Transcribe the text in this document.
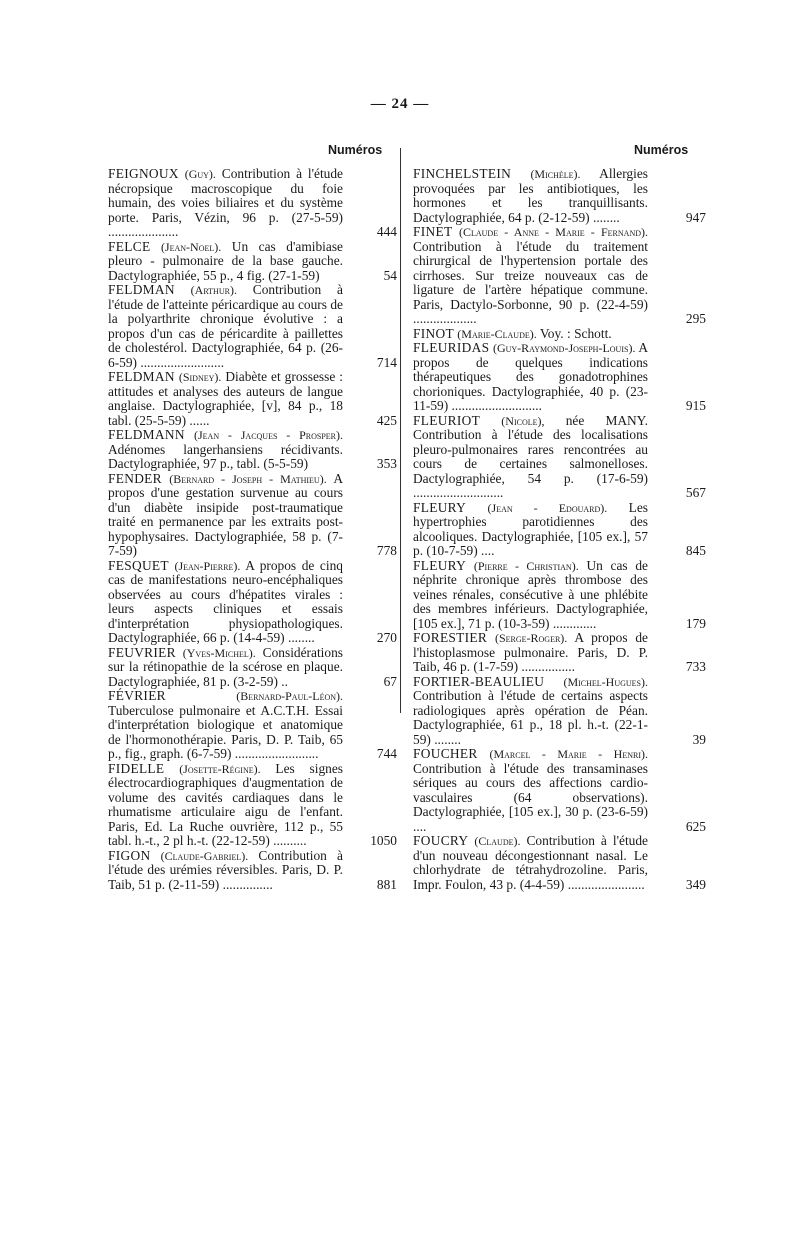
— 24 —
Numéros	Numéros
FEIGNOUX (Guy). Contribution à l'étude nécropsique macroscopique du foie humain, des voies biliaires et du système porte. Paris, Vézin, 96 p. (27-5-59) .....................	444
FELCE (Jean-Noel). Un cas d'amibiase pleuro - pulmonaire de la base gauche. Dactylographiée, 55 p., 4 fig. (27-1-59)	54
FELDMAN (Arthur). Contribution à l'étude de l'atteinte péricardique au cours de la polyarthrite chronique évolutive : a propos d'un cas de péricardite à paillettes de cholestérol. Dactylographiée, 64 p. (26-6-59) .........................	714
FELDMAN (Sidney). Diabète et grossesse : attitudes et analyses des auteurs de langue anglaise. Dactylographiée, [v], 84 p., 18 tabl. (25-5-59) ......	425
FELDMANN (Jean - Jacques - Prosper). Adénomes langerhansiens récidivants. Dactylographiée, 97 p., tabl. (5-5-59)	353
FENDER (Bernard - Joseph - Mathieu). A propos d'une gestation survenue au cours d'un diabète insipide post-traumatique traité en permanence par les extraits post-hypophysaires. Dactylographiée, 58 p. (7-7-59)	778
FESQUET (Jean-Pierre). A propos de cinq cas de manifestations neuro-encéphaliques observées au cours d'hépatites virales : leurs aspects cliniques et essais d'interprétation physiopathologiques. Dactylographiée, 66 p. (14-4-59) ........	270
FEUVRIER (Yves-Michel). Considérations sur la rétinopathie de la scérose en plaque. Dactylographiée, 81 p. (3-2-59) ..	67
FÉVRIER	(Bernard-Paul-Léon). Tuberculose pulmonaire et A.C.T.H. Essai d'interprétation biologique et anatomique de l'hormonothérapie. Paris, D. P. Taib, 65 p., fig., graph. (6-7-59) .........................	744
FIDELLE (Josette-Régine). Les signes électrocardiographiques d'augmentation de volume des cavités cardiaques dans le rhumatisme articulaire aigu de l'enfant. Paris, Ed. La Ruche ouvrière, 112 p., 55 tabl. h.-t., 2 pl h.-t. (22-12-59) ..........	1050
FIGON (Claude-Gabriel). Contribution à l'étude des urémies réversibles. Paris, D. P. Taib, 51 p. (2-11-59) ...............	881
FINCHELSTEIN (Michèle). Allergies provoquées par les antibiotiques, les hormones et les tranquillisants. Dactylographiée, 64 p. (2-12-59) ........	947
FINET (Claude - Anne - Marie - Fernand). Contribution à l'étude du traitement chirurgical de l'hypertension portale des cirrhoses. Sur treize nouveaux cas de ligature de l'artère hépatique commune. Paris, Dactylo-Sorbonne, 90 p. (22-4-59) ...................	295
FINOT (Marie-Claude). Voy. : Schott.
FLEURIDAS (Guy-Raymond-Joseph-Louis). A propos de quelques indications thérapeutiques des gonadotrophines chorioniques. Dactylographiée, 40 p. (23-11-59) ...........................	915
FLEURIOT (Nicole), née MANY. Contribution à l'étude des localisations pleuro-pulmonaires rares rencontrées au cours de certaines salmonelloses. Dactylographiée, 54 p. (17-6-59) ...........................	567
FLEURY (Jean - Edouard). Les hypertrophies parotidiennes des alcooliques. Dactylographiée, [105 ex.], 57 p. (10-7-59) ....	845
FLEURY (Pierre - Christian). Un cas de néphrite chronique après thrombose des veines rénales, consécutive à une phlébite des membres inférieurs. Dactylographiée, [105 ex.], 71 p. (10-3-59) .............	179
FORESTIER (Serge-Roger). A propos de l'histoplasmose pulmonaire. Paris, D. P. Taib, 46 p. (1-7-59) ................	733
FORTIER-BEAULIEU (Michel-Hugues). Contribution à l'étude de certains aspects radiologiques après opération de Péan. Dactylographiée, 61 p., 18 pl. h.-t. (22-1-59) ........	39
FOUCHER (Marcel - Marie - Henri). Contribution à l'étude des transaminases sériques au cours des affections cardio-vasculaires (64 observations). Dactylographiée, [105 ex.], 30 p. (23-6-59) ....	625
FOUCRY (Claude). Contribution à l'étude d'un nouveau décongestionnant nasal. Le chlorhydrate de tétrahydrozoline. Paris, Impr. Foulon, 43 p. (4-4-59) .......................	349
